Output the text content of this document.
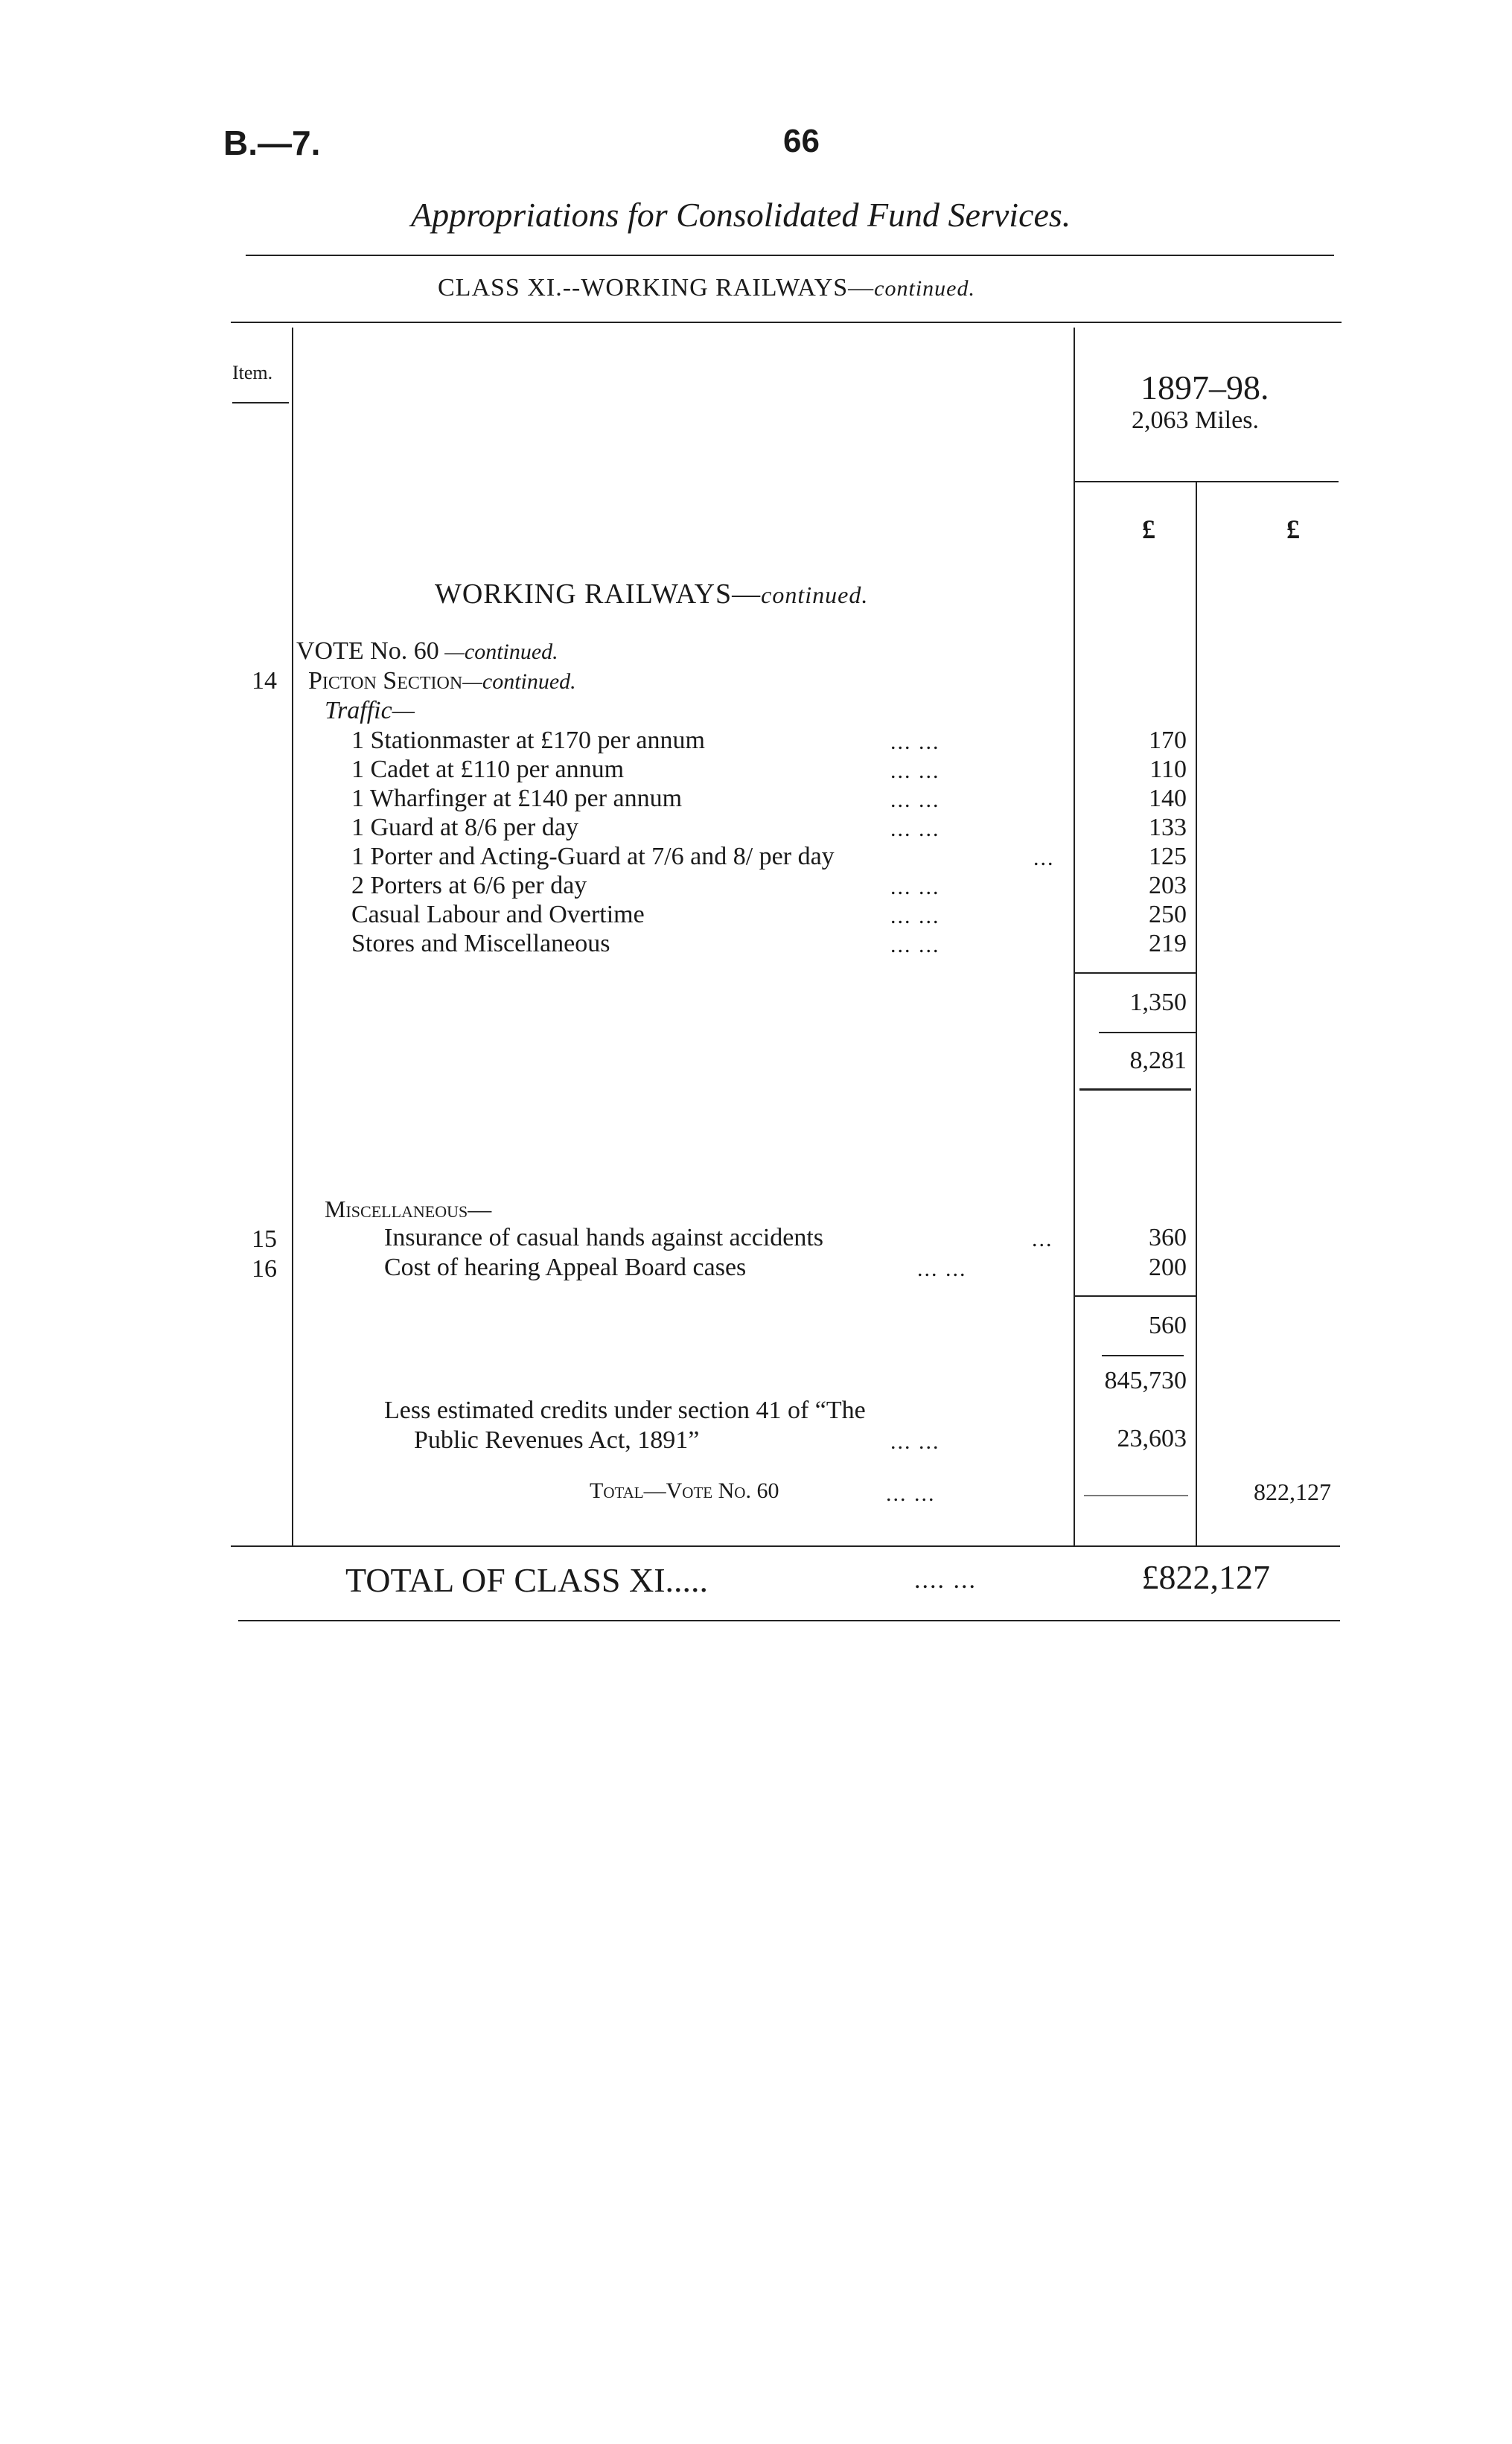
B.—7.	66
Appropriations for Consolidated Fund Services.
CLASS XI.--WORKING RAILWAYS—continued.
Item.	1897–98.
2,063 Miles.
£	£
WORKING RAILWAYS—continued.
VOTE No. 60 —continued.
14 Picton Section—continued.
Traffic—
1 Stationmaster at £170 per annum	... ...	170
1 Cadet at £110 per annum	... ...	110
1 Wharfinger at £140 per annum	... ...	140
1 Guard at 8/6 per day	... ...	133
1 Porter and Acting-Guard at 7/6 and 8/ per day	...	125
2 Porters at 6/6 per day	... ...	203
Casual Labour and Overtime	... ...	250
Stores and Miscellaneous	... ...	219
1,350
8,281
Miscellaneous—
15	Insurance of casual hands against accidents	...	360
16	Cost of hearing Appeal Board cases	... ...	200
560
845,730
Less estimated credits under section 41 of “The
Public Revenues Act, 1891”	... ...	23,603
Total—Vote No. 60	... ...	822,127
TOTAL OF CLASS XI.....	.... ...	£822,127
